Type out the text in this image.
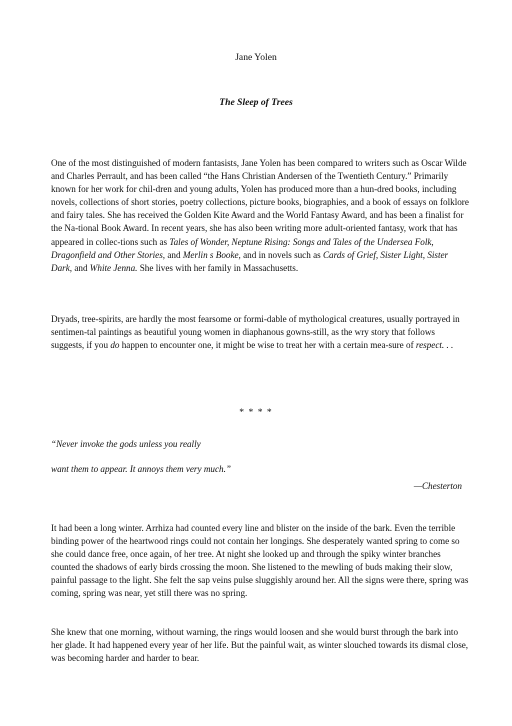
Jane Yolen
The Sleep of Trees

One of the most distinguished of modern fantasists, Jane Yolen has been compared to writers such as Oscar Wilde and Charles Perrault, and has been called “the Hans Christian Andersen of the Twentieth Century.” Primarily known for her work for chil-dren and young adults, Yolen has produced more than a hun-dred books, including novels, collections of short stories, poetry collections, picture books, biographies, and a book of essays on folklore and fairy tales. She has received the Golden Kite Award and the World Fantasy Award, and has been a finalist for the Na-tional Book Award. In recent years, she has also been writing more adult-oriented fantasy, work that has appeared in collec-tions such as Tales of Wonder, Neptune Rising: Songs and Tales of the Undersea Folk, Dragonfield and Other Stories, and Merlin s Booke, and in novels such as Cards of Grief, Sister Light, Sister Dark, and White Jenna. She lives with her family in Massachusetts.

Dryads, tree-spirits, are hardly the most fearsome or formi-dable of mythological creatures, usually portrayed in sentimen-tal paintings as beautiful young women in diaphanous gowns-still, as the wry story that follows suggests, if you do happen to encounter one, it might be wise to treat her with a certain mea-sure of respect. . .

* * * *

“Never invoke the gods unless you really

want them to appear. It annoys them very much.”

—Chesterton

It had been a long winter. Arrhiza had counted every line and blister on the inside of the bark. Even the terrible binding power of the heartwood rings could not contain her longings. She desperately wanted spring to come so she could dance free, once again, of her tree. At night she looked up and through the spiky winter branches counted the shadows of early birds crossing the moon. She listened to the mewling of buds making their slow, painful passage to the light. She felt the sap veins pulse sluggishly around her. All the signs were there, spring was coming, spring was near, yet still there was no spring.

She knew that one morning, without warning, the rings would loosen and she would burst through the bark into her glade. It had happened every year of her life. But the painful wait, as winter slouched towards its dismal close, was becoming harder and harder to bear.
